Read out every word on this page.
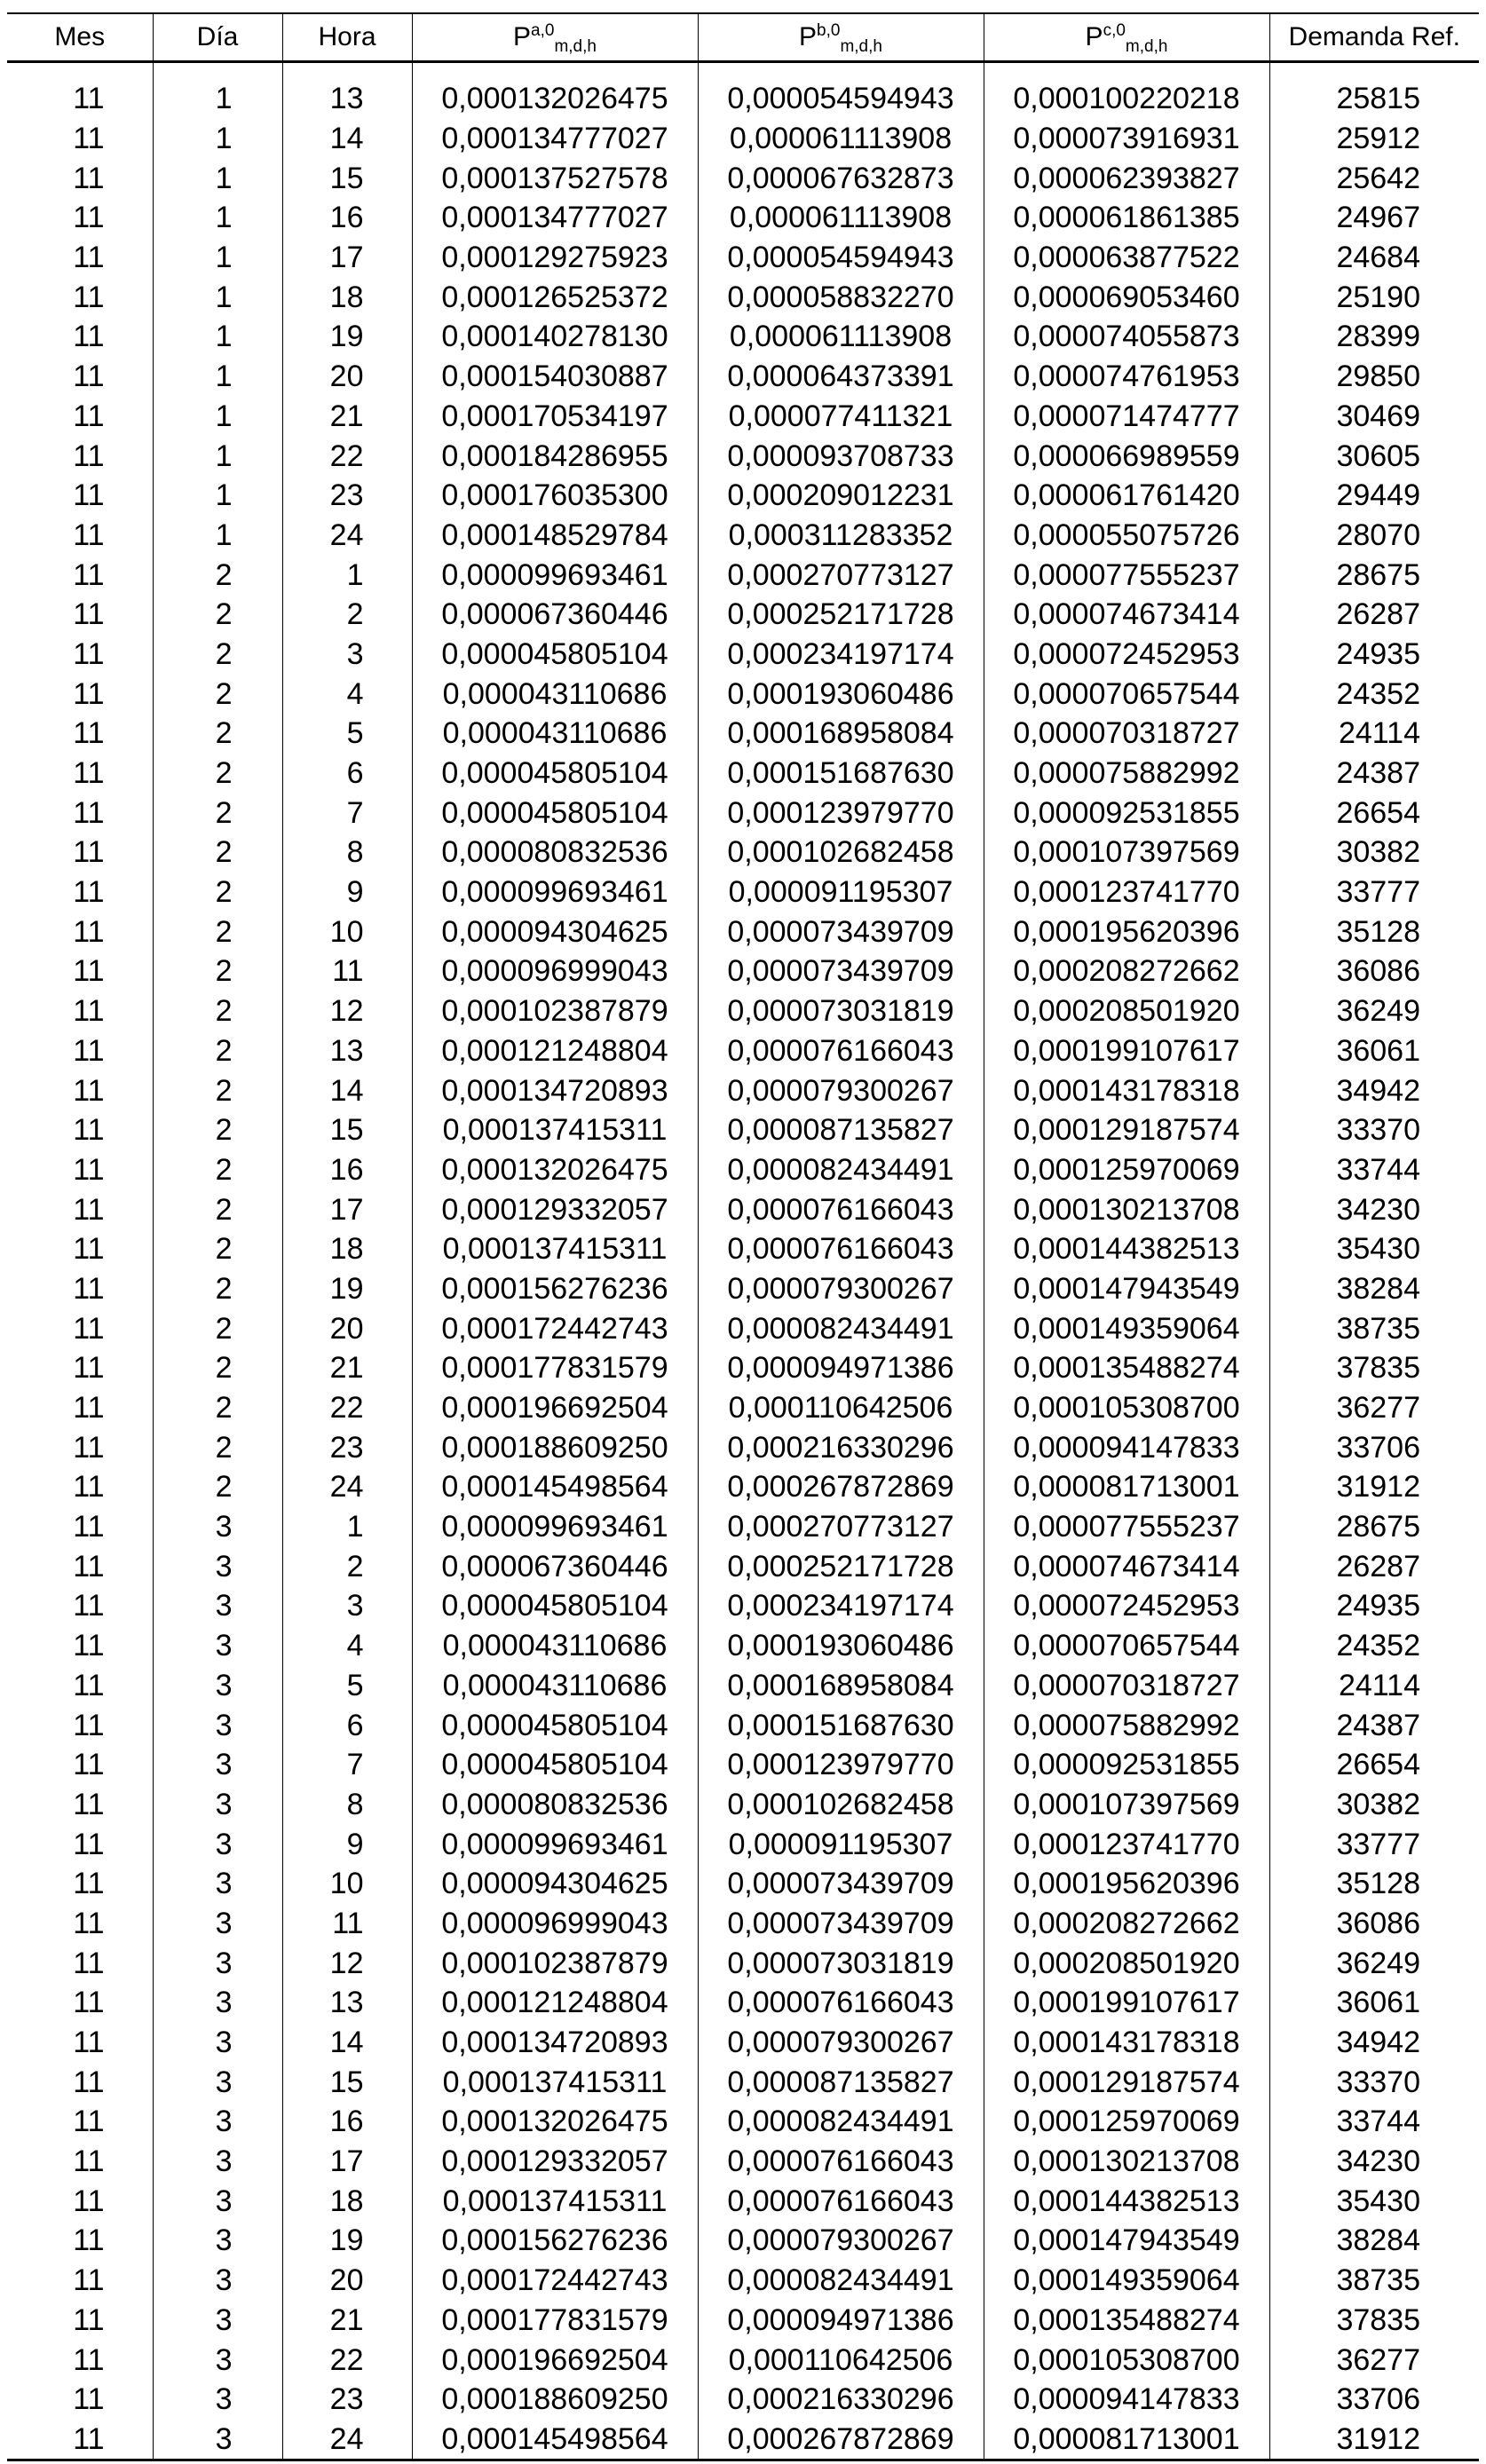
Mes	Día	Hora	P$^{a,0}_{m,d,h}$	P$^{b,0}_{m,d,h}$	P$^{c,0}_{m,d,h}$	Demanda Ref.
11	1	13	0,000132026475	0,000054594943	0,000100220218	25815
11	1	14	0,000134777027	0,000061113908	0,000073916931	25912
11	1	15	0,000137527578	0,000067632873	0,000062393827	25642
11	1	16	0,000134777027	0,000061113908	0,000061861385	24967
11	1	17	0,000129275923	0,000054594943	0,000063877522	24684
11	1	18	0,000126525372	0,000058832270	0,000069053460	25190
11	1	19	0,000140278130	0,000061113908	0,000074055873	28399
11	1	20	0,000154030887	0,000064373391	0,000074761953	29850
11	1	21	0,000170534197	0,000077411321	0,000071474777	30469
11	1	22	0,000184286955	0,000093708733	0,000066989559	30605
11	1	23	0,000176035300	0,000209012231	0,000061761420	29449
11	1	24	0,000148529784	0,000311283352	0,000055075726	28070
11	2	1	0,000099693461	0,000270773127	0,000077555237	28675
11	2	2	0,000067360446	0,000252171728	0,000074673414	26287
11	2	3	0,000045805104	0,000234197174	0,000072452953	24935
11	2	4	0,000043110686	0,000193060486	0,000070657544	24352
11	2	5	0,000043110686	0,000168958084	0,000070318727	24114
11	2	6	0,000045805104	0,000151687630	0,000075882992	24387
11	2	7	0,000045805104	0,000123979770	0,000092531855	26654
11	2	8	0,000080832536	0,000102682458	0,000107397569	30382
11	2	9	0,000099693461	0,000091195307	0,000123741770	33777
11	2	10	0,000094304625	0,000073439709	0,000195620396	35128
11	2	11	0,000096999043	0,000073439709	0,000208272662	36086
11	2	12	0,000102387879	0,000073031819	0,000208501920	36249
11	2	13	0,000121248804	0,000076166043	0,000199107617	36061
11	2	14	0,000134720893	0,000079300267	0,000143178318	34942
11	2	15	0,000137415311	0,000087135827	0,000129187574	33370
11	2	16	0,000132026475	0,000082434491	0,000125970069	33744
11	2	17	0,000129332057	0,000076166043	0,000130213708	34230
11	2	18	0,000137415311	0,000076166043	0,000144382513	35430
11	2	19	0,000156276236	0,000079300267	0,000147943549	38284
11	2	20	0,000172442743	0,000082434491	0,000149359064	38735
11	2	21	0,000177831579	0,000094971386	0,000135488274	37835
11	2	22	0,000196692504	0,000110642506	0,000105308700	36277
11	2	23	0,000188609250	0,000216330296	0,000094147833	33706
11	2	24	0,000145498564	0,000267872869	0,000081713001	31912
11	3	1	0,000099693461	0,000270773127	0,000077555237	28675
11	3	2	0,000067360446	0,000252171728	0,000074673414	26287
11	3	3	0,000045805104	0,000234197174	0,000072452953	24935
11	3	4	0,000043110686	0,000193060486	0,000070657544	24352
11	3	5	0,000043110686	0,000168958084	0,000070318727	24114
11	3	6	0,000045805104	0,000151687630	0,000075882992	24387
11	3	7	0,000045805104	0,000123979770	0,000092531855	26654
11	3	8	0,000080832536	0,000102682458	0,000107397569	30382
11	3	9	0,000099693461	0,000091195307	0,000123741770	33777
11	3	10	0,000094304625	0,000073439709	0,000195620396	35128
11	3	11	0,000096999043	0,000073439709	0,000208272662	36086
11	3	12	0,000102387879	0,000073031819	0,000208501920	36249
11	3	13	0,000121248804	0,000076166043	0,000199107617	36061
11	3	14	0,000134720893	0,000079300267	0,000143178318	34942
11	3	15	0,000137415311	0,000087135827	0,000129187574	33370
11	3	16	0,000132026475	0,000082434491	0,000125970069	33744
11	3	17	0,000129332057	0,000076166043	0,000130213708	34230
11	3	18	0,000137415311	0,000076166043	0,000144382513	35430
11	3	19	0,000156276236	0,000079300267	0,000147943549	38284
11	3	20	0,000172442743	0,000082434491	0,000149359064	38735
11	3	21	0,000177831579	0,000094971386	0,000135488274	37835
11	3	22	0,000196692504	0,000110642506	0,000105308700	36277
11	3	23	0,000188609250	0,000216330296	0,000094147833	33706
11	3	24	0,000145498564	0,000267872869	0,000081713001	31912
